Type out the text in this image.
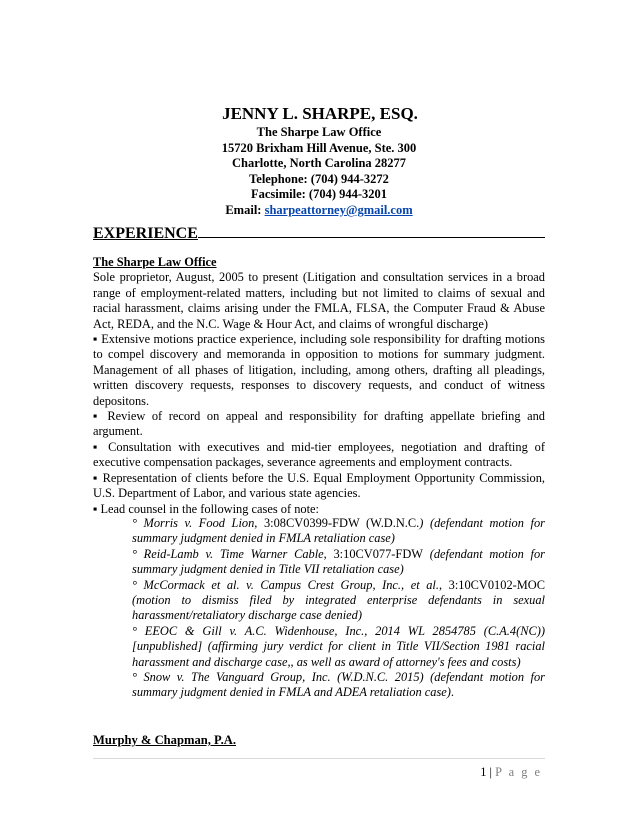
JENNY L. SHARPE, ESQ.
The Sharpe Law Office
15720 Brixham Hill Avenue, Ste. 300
Charlotte, North Carolina 28277
Telephone: (704) 944-3272
Facsimile: (704) 944-3201
Email: sharpeattorney@gmail.com
EXPERIENCE

The Sharpe Law Office

Sole proprietor, August, 2005 to present (Litigation and consultation services in a broad range of employment-related matters, including but not limited to claims of sexual and racial harassment, claims arising under the FMLA, FLSA, the Computer Fraud & Abuse Act, REDA, and the N.C. Wage & Hour Act, and claims of wrongful discharge)

▪ Extensive motions practice experience, including sole responsibility for drafting motions to compel discovery and memoranda in opposition to motions for summary judgment. Management of all phases of litigation, including, among others, drafting all pleadings, written discovery requests, responses to discovery requests, and conduct of witness depositons.

▪ Review of record on appeal and responsibility for drafting appellate briefing and argument.

▪ Consultation with executives and mid-tier employees, negotiation and drafting of executive compensation packages, severance agreements and employment contracts.

▪ Representation of clients before the U.S. Equal Employment Opportunity Commission, U.S. Department of Labor, and various state agencies.

▪ Lead counsel in the following cases of note:

° Morris v. Food Lion, 3:08CV0399-FDW (W.D.N.C.) (defendant motion for summary judgment denied in FMLA retaliation case)

° Reid-Lamb v. Time Warner Cable, 3:10CV077-FDW (defendant motion for summary judgment denied in Title VII retaliation case)

° McCormack et al. v. Campus Crest Group, Inc., et al., 3:10CV0102-MOC (motion to dismiss filed by integrated enterprise defendants in sexual harassment/retaliatory discharge case denied)

° EEOC & Gill v. A.C. Widenhouse, Inc., 2014 WL 2854785 (C.A.4(NC)) [unpublished] (affirming jury verdict for client in Title VII/Section 1981 racial harassment and discharge case,, as well as award of attorney's fees and costs)

° Snow v. The Vanguard Group, Inc. (W.D.N.C. 2015) (defendant motion for summary judgment denied in FMLA and ADEA retaliation case).

Murphy & Chapman, P.A.
1 | P a g e
